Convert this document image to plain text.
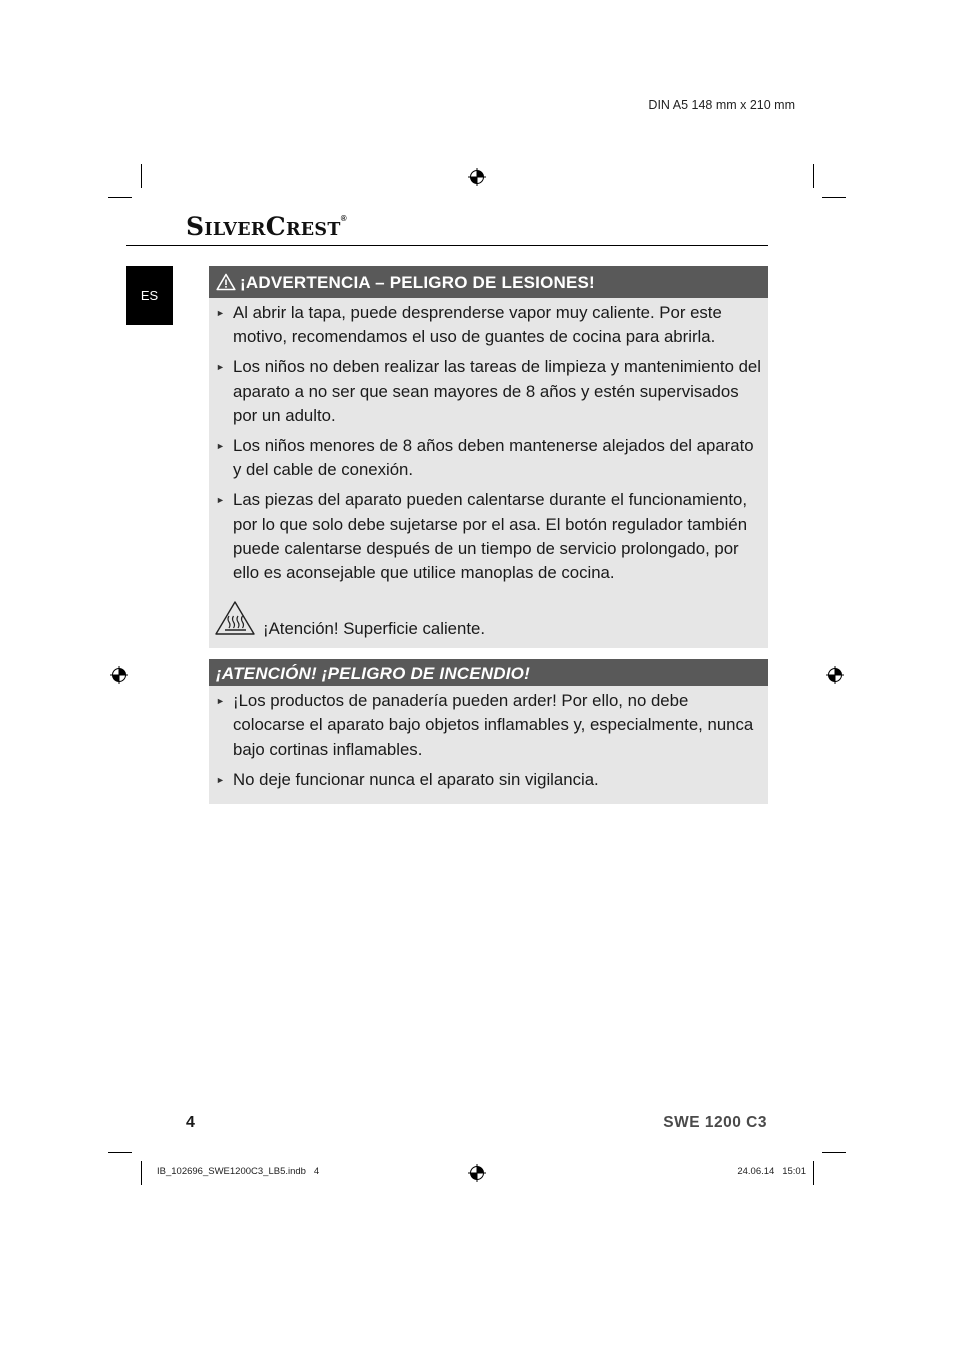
DIN A5 148 mm x 210 mm
SILVERCREST®
ES
¡ADVERTENCIA – PELIGRO DE LESIONES!
► Al abrir la tapa, puede desprenderse vapor muy caliente. Por este motivo, recomendamos el uso de guantes de cocina para abrirla.
► Los niños no deben realizar las tareas de limpieza y mantenimiento del aparato a no ser que sean mayores de 8 años y estén supervisados por un adulto.
► Los niños menores de 8 años deben mantenerse alejados del aparato y del cable de conexión.
► Las piezas del aparato pueden calentarse durante el funcionamiento, por lo que solo debe sujetarse por el asa. El botón regulador también puede calentarse después de un tiempo de servicio prolongado, por ello es aconsejable que utilice manoplas de cocina.
¡Atención! Superficie caliente.
¡ATENCIÓN! ¡PELIGRO DE INCENDIO!
► ¡Los productos de panadería pueden arder! Por ello, no debe colocarse el aparato bajo objetos inflamables y, especialmente, nunca bajo cortinas inflamables.
► No deje funcionar nunca el aparato sin vigilancia.
4	SWE 1200 C3
IB_102696_SWE1200C3_LB5.indb   4	24.06.14   15:01
